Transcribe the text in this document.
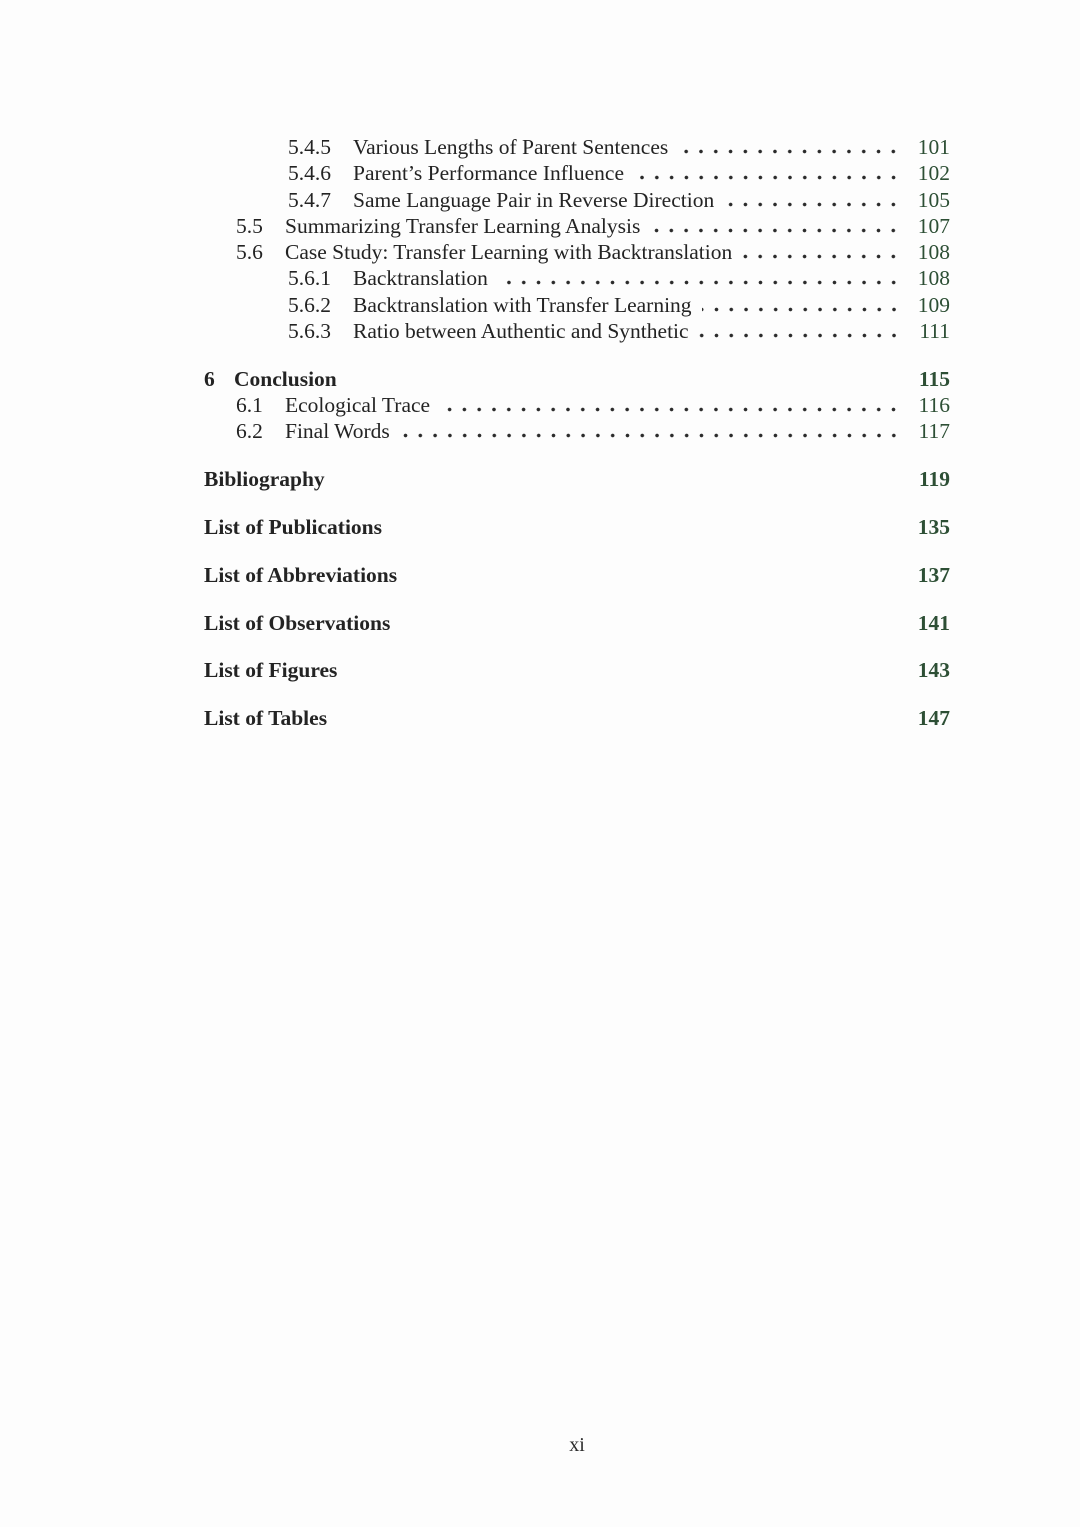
5.4.5	Various Lengths of Parent Sentences	101
5.4.6	Parent’s Performance Influence	102
5.4.7	Same Language Pair in Reverse Direction	105
5.5	Summarizing Transfer Learning Analysis	107
5.6	Case Study: Transfer Learning with Backtranslation	108
5.6.1	Backtranslation	108
5.6.2	Backtranslation with Transfer Learning	109
5.6.3	Ratio between Authentic and Synthetic	111
6 Conclusion	115
6.1	Ecological Trace	116
6.2	Final Words	117
Bibliography	119
List of Publications	135
List of Abbreviations	137
List of Observations	141
List of Figures	143
List of Tables	147
xi
